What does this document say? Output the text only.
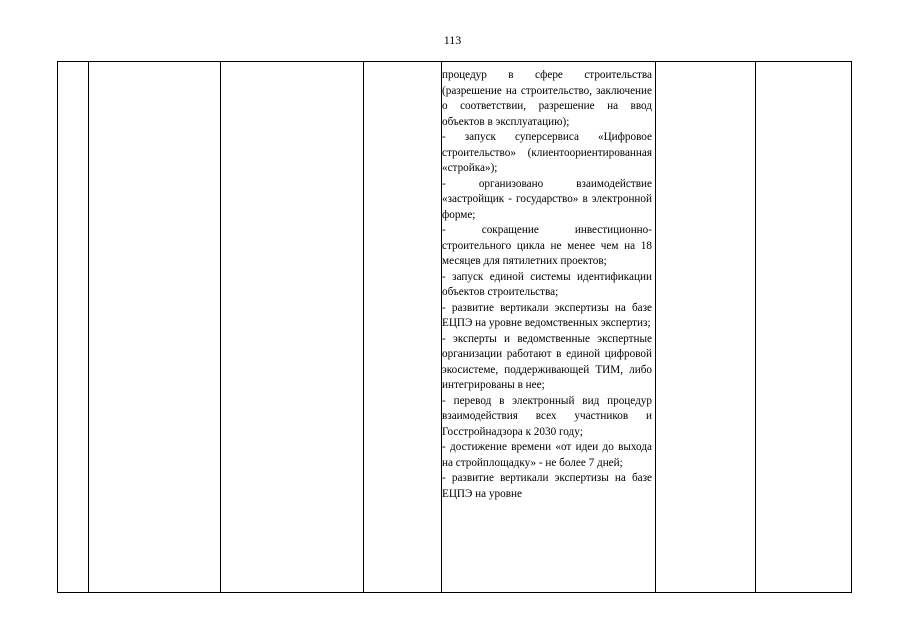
113
процедур в сфере строительства (разрешение на строительство, заключение о соответствии, разрешение на ввод объектов в эксплуатацию);
- запуск суперсервиса «Цифровое строительство» (клиентоориентированная «стройка»);
- организовано взаимодействие «застройщик - государство» в электронной форме;
- сокращение инвестиционно-строительного цикла не менее чем на 18 месяцев для пятилетних проектов;
- запуск единой системы идентификации объектов строительства;
- развитие вертикали экспертизы на базе ЕЦПЭ на уровне ведомственных экспертиз;
- эксперты и ведомственные экспертные организации работают в единой цифровой экосистеме, поддерживающей ТИМ, либо интегрированы в нее;
- перевод в электронный вид процедур взаимодействия всех участников и Госстройнадзора к 2030 году;
- достижение времени «от идеи до выхода на стройплощадку» - не более 7 дней;
- развитие вертикали экспертизы на базе ЕЦПЭ на уровне
